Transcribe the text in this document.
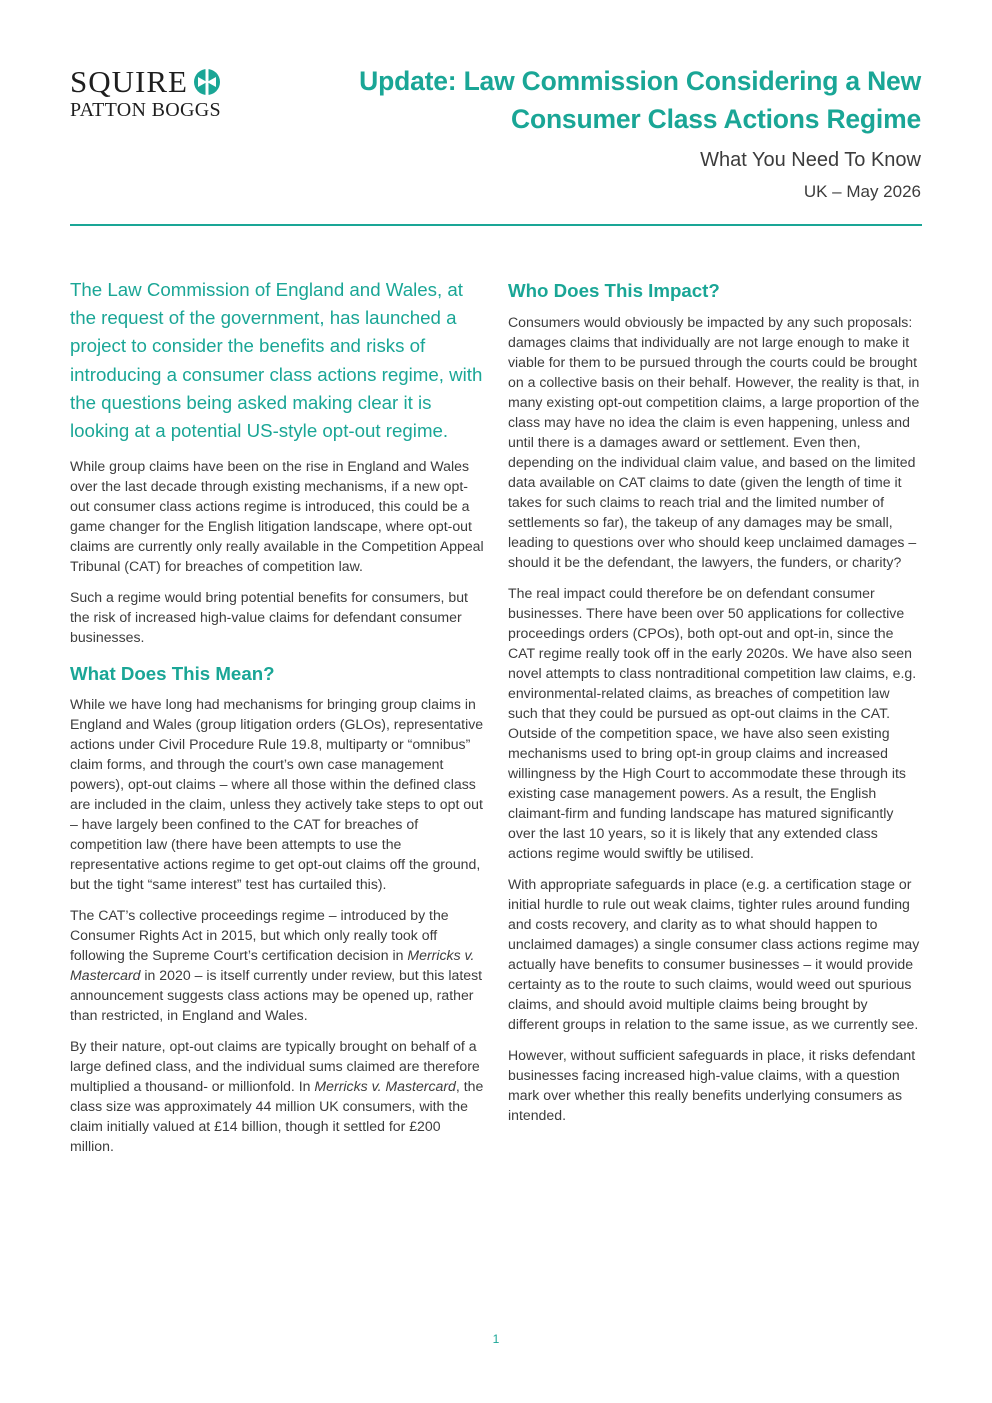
SQUIRE
PATTON BOGGS
Update: Law Commission Considering a New
Consumer Class Actions Regime
What You Need To Know
UK – May 2026

The Law Commission of England and Wales, at the request of the government, has launched a project to consider the benefits and risks of introducing a consumer class actions regime, with the questions being asked making clear it is looking at a potential US-style opt-out regime.

While group claims have been on the rise in England and Wales over the last decade through existing mechanisms, if a new opt-out consumer class actions regime is introduced, this could be a game changer for the English litigation landscape, where opt-out claims are currently only really available in the Competition Appeal Tribunal (CAT) for breaches of competition law.

Such a regime would bring potential benefits for consumers, but the risk of increased high-value claims for defendant consumer businesses.

What Does This Mean?

While we have long had mechanisms for bringing group claims in England and Wales (group litigation orders (GLOs), representative actions under Civil Procedure Rule 19.8, multiparty or “omnibus” claim forms, and through the court’s own case management powers), opt-out claims – where all those within the defined class are included in the claim, unless they actively take steps to opt out – have largely been confined to the CAT for breaches of competition law (there have been attempts to use the representative actions regime to get opt-out claims off the ground, but the tight “same interest” test has curtailed this).

The CAT’s collective proceedings regime – introduced by the Consumer Rights Act in 2015, but which only really took off following the Supreme Court’s certification decision in Merricks v. Mastercard in 2020 – is itself currently under review, but this latest announcement suggests class actions may be opened up, rather than restricted, in England and Wales.

By their nature, opt-out claims are typically brought on behalf of a large defined class, and the individual sums claimed are therefore multiplied a thousand- or millionfold. In Merricks v. Mastercard, the class size was approximately 44 million UK consumers, with the claim initially valued at £14 billion, though it settled for £200 million.

Who Does This Impact?

Consumers would obviously be impacted by any such proposals: damages claims that individually are not large enough to make it viable for them to be pursued through the courts could be brought on a collective basis on their behalf. However, the reality is that, in many existing opt-out competition claims, a large proportion of the class may have no idea the claim is even happening, unless and until there is a damages award or settlement. Even then, depending on the individual claim value, and based on the limited data available on CAT claims to date (given the length of time it takes for such claims to reach trial and the limited number of settlements so far), the takeup of any damages may be small, leading to questions over who should keep unclaimed damages – should it be the defendant, the lawyers, the funders, or charity?

The real impact could therefore be on defendant consumer businesses. There have been over 50 applications for collective proceedings orders (CPOs), both opt-out and opt-in, since the CAT regime really took off in the early 2020s. We have also seen novel attempts to class nontraditional competition law claims, e.g. environmental-related claims, as breaches of competition law such that they could be pursued as opt-out claims in the CAT. Outside of the competition space, we have also seen existing mechanisms used to bring opt-in group claims and increased willingness by the High Court to accommodate these through its existing case management powers. As a result, the English claimant-firm and funding landscape has matured significantly over the last 10 years, so it is likely that any extended class actions regime would swiftly be utilised.

With appropriate safeguards in place (e.g. a certification stage or initial hurdle to rule out weak claims, tighter rules around funding and costs recovery, and clarity as to what should happen to unclaimed damages) a single consumer class actions regime may actually have benefits to consumer businesses – it would provide certainty as to the route to such claims, would weed out spurious claims, and should avoid multiple claims being brought by different groups in relation to the same issue, as we currently see.

However, without sufficient safeguards in place, it risks defendant businesses facing increased high-value claims, with a question mark over whether this really benefits underlying consumers as intended.

1
